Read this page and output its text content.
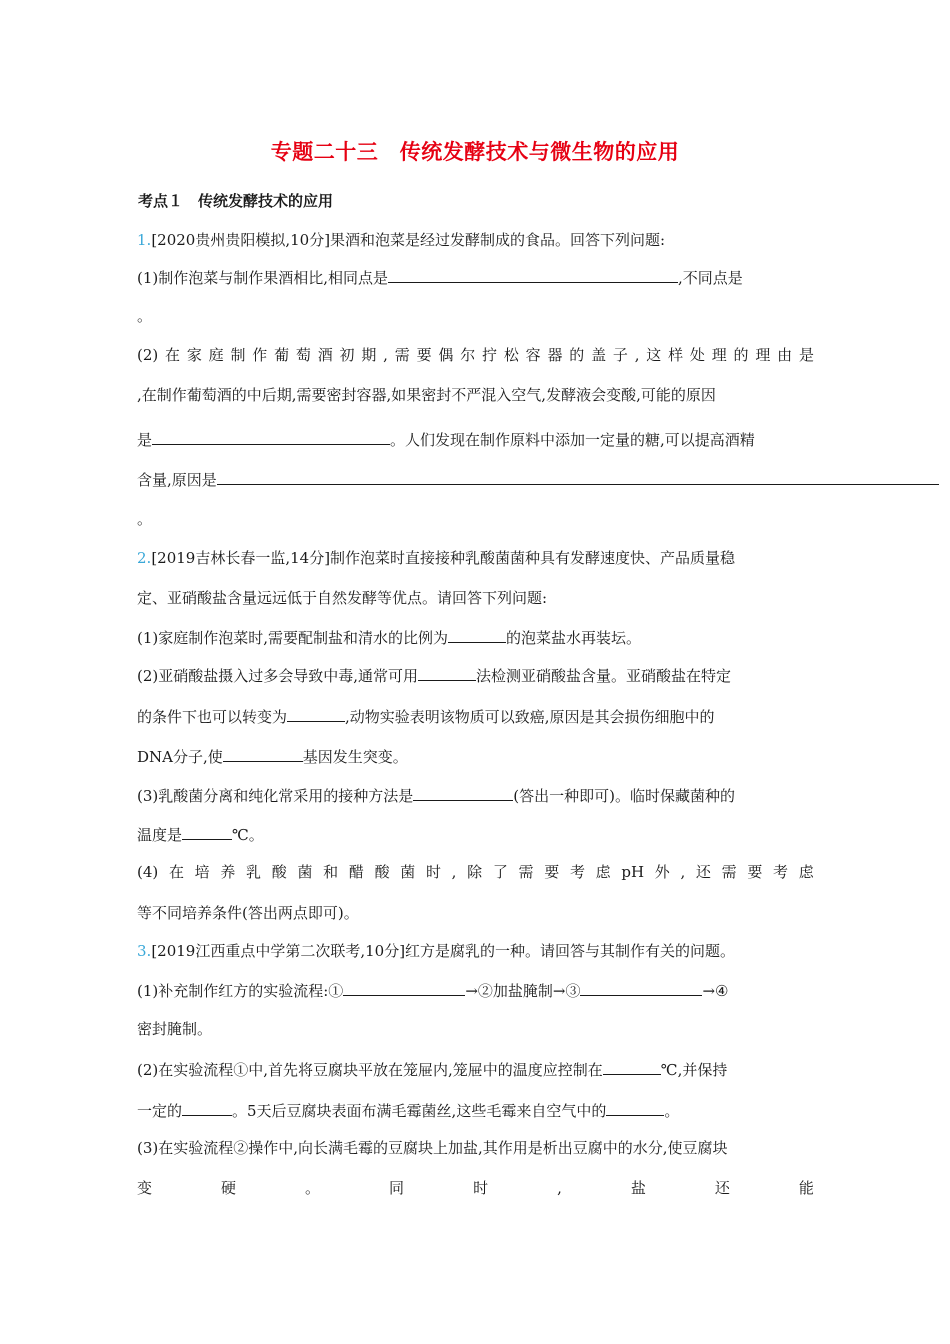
专题二十三　传统发酵技术与微生物的应用
考点１　传统发酵技术的应用
1.[2020贵州贵阳模拟,10分]果酒和泡菜是经过发酵制成的食品。回答下列问题:
(1)制作泡菜与制作果酒相比,相同点是	,不同点是
。
(2) 在 家 庭 制 作 葡 萄 酒 初 期 , 需 要 偶 尔 拧 松 容 器 的 盖 子 , 这 样 处 理 的 理 由 是
,在制作葡萄酒的中后期,需要密封容器,如果密封不严混入空气,发酵液会变酸,可能的原因
是	。人们发现在制作原料中添加一定量的糖,可以提高酒精
含量,原因是
。
2.[2019吉林长春一监,14分]制作泡菜时直接接种乳酸菌菌种具有发酵速度快、产品质量稳
定、亚硝酸盐含量远远低于自然发酵等优点。请回答下列问题:
(1)家庭制作泡菜时,需要配制盐和清水的比例为	的泡菜盐水再装坛。
(2)亚硝酸盐摄入过多会导致中毒,通常可用	法检测亚硝酸盐含量。亚硝酸盐在特定
的条件下也可以转变为	,动物实验表明该物质可以致癌,原因是其会损伤细胞中的
DNA分子,使	基因发生突变。
(3)乳酸菌分离和纯化常采用的接种方法是	(答出一种即可)。临时保藏菌种的
温度是	℃。
(4) 在 培 养 乳 酸 菌 和 醋 酸 菌 时 , 除 了 需 要 考 虑 pH 外 , 还 需 要 考 虑
等不同培养条件(答出两点即可)。
3.[2019江西重点中学第二次联考,10分]红方是腐乳的一种。请回答与其制作有关的问题。
(1)补充制作红方的实验流程:①	→②加盐腌制→③	→④
密封腌制。
(2)在实验流程①中,首先将豆腐块平放在笼屉内,笼屉中的温度应控制在	℃,并保持
一定的	。5天后豆腐块表面布满毛霉菌丝,这些毛霉来自空气中的	。
(3)在实验流程②操作中,向长满毛霉的豆腐块上加盐,其作用是析出豆腐中的水分,使豆腐块
变	硬	。	同	时	,	盐	还	能
